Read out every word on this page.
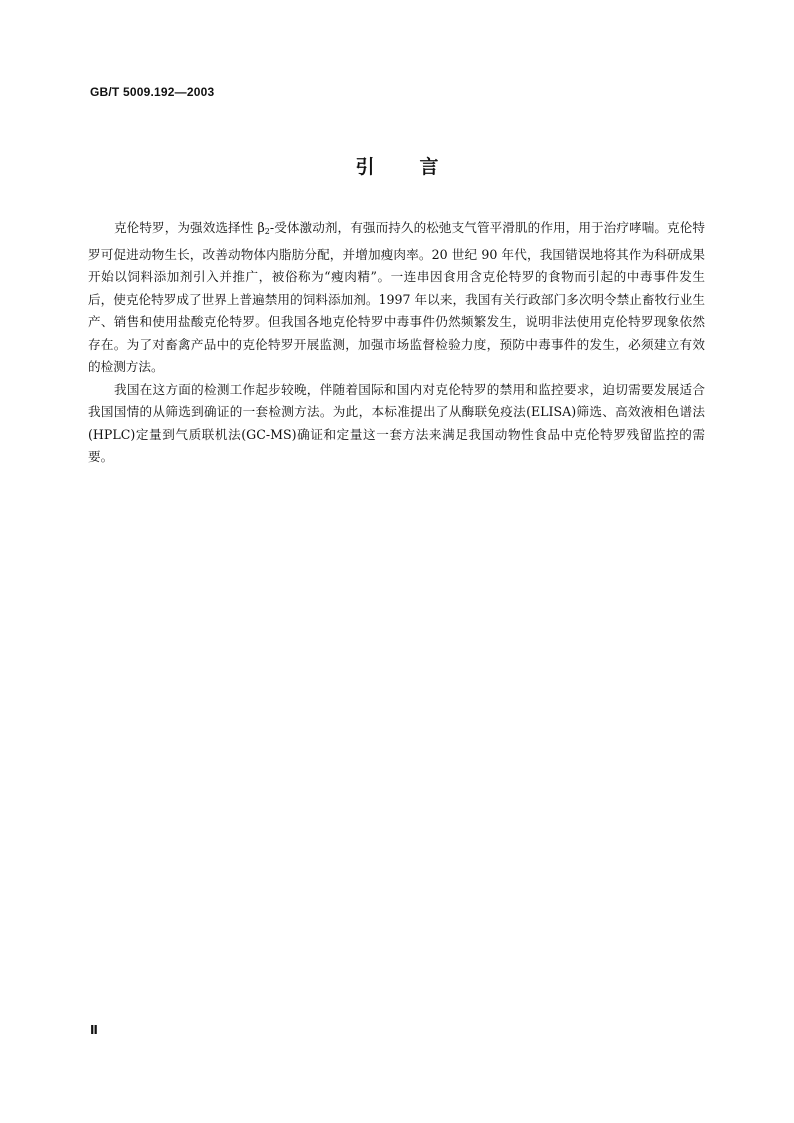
GB/T 5009.192—2003
引言

克伦特罗，为强效选择性 $\beta_2-$受体激动剂，有强而持久的松弛支气管平滑肌的作用，用于治疗哮喘。克伦特罗可促进动物生长，改善动物体内脂肪分配，并增加瘦肉率。20 世纪 90 年代，我国错误地将其作为科研成果开始以饲料添加剂引入并推广，被俗称为“瘦肉精”。一连串因食用含克伦特罗的食物而引起的中毒事件发生后，使克伦特罗成了世界上普遍禁用的饲料添加剂。1997 年以来，我国有关行政部门多次明令禁止畜牧行业生产、销售和使用盐酸克伦特罗。但我国各地克伦特罗中毒事件仍然频繁发生，说明非法使用克伦特罗现象依然存在。为了对畜禽产品中的克伦特罗开展监测，加强市场监督检验力度，预防中毒事件的发生，必须建立有效的检测方法。

我国在这方面的检测工作起步较晚，伴随着国际和国内对克伦特罗的禁用和监控要求，迫切需要发展适合我国国情的从筛选到确证的一套检测方法。为此，本标准提出了从酶联免疫法(ELISA)筛选、高效液相色谱法(HPLC)定量到气质联机法(GC-MS)确证和定量这一套方法来满足我国动物性食品中克伦特罗残留监控的需要。

Ⅱ
